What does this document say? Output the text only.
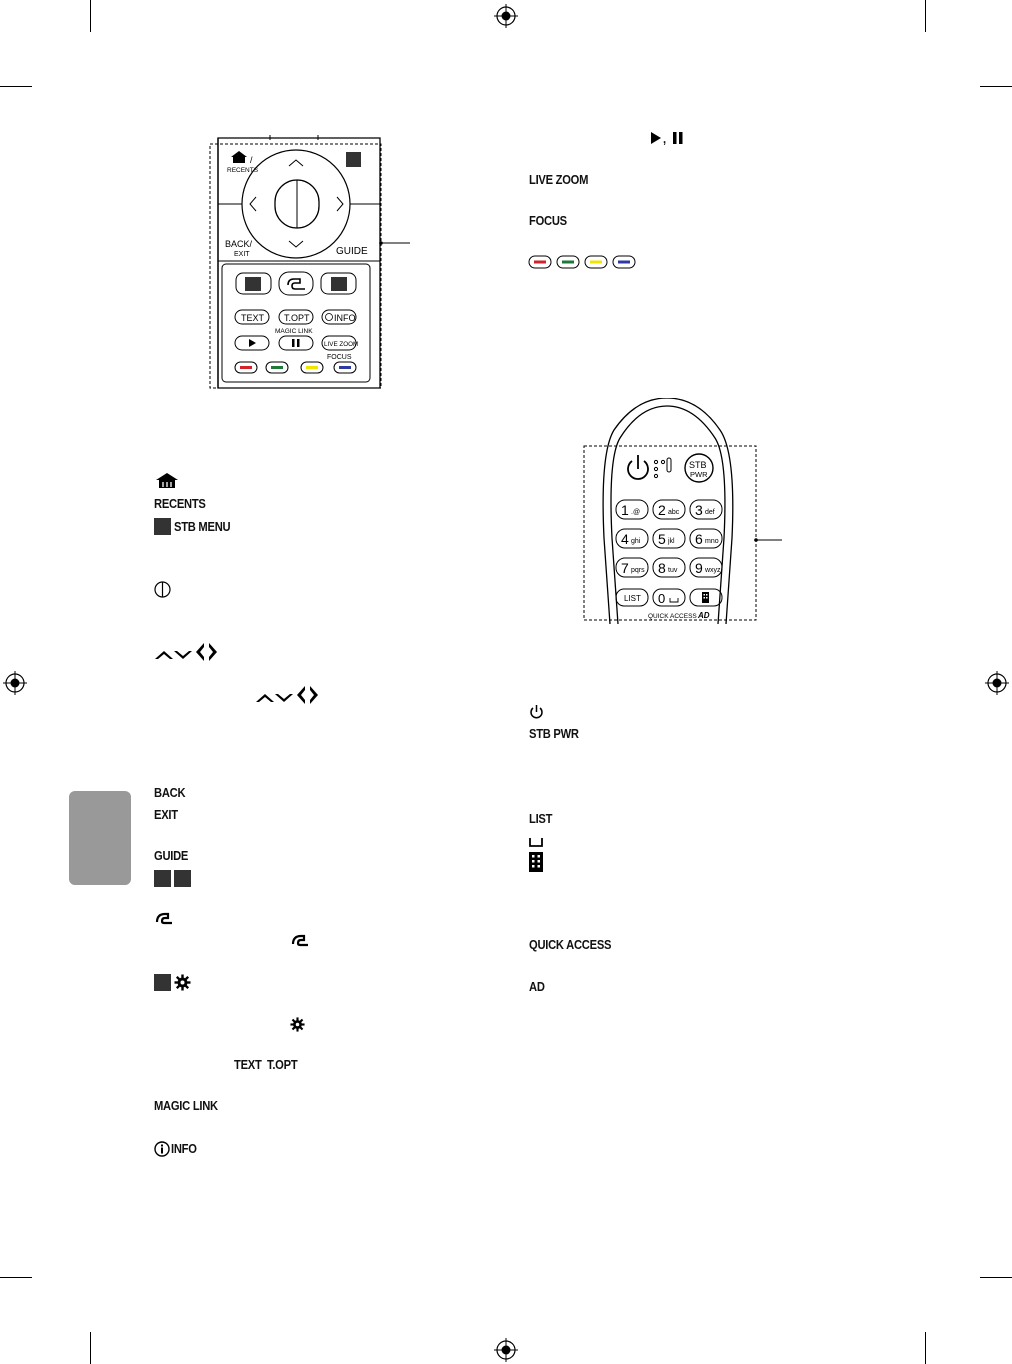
/
RECENTS
BACK/
EXIT	GUIDE
TEXT T.OPT	INFO
MAGIC LINK
LIVE ZOOM
FOCUS
STB
PWR
1 .@ 2 abc 3 def
4 ghi 5 jkl 6 mno
7 pqrs 8 tuv 9 wxyz
LIST 0
QUICK ACCESS AD
RECENTS
STB MENU
BACK
EXIT
GUIDE
TEXT T.OPT
MAGIC LINK
INFO
,
LIVE ZOOM
FOCUS
STB PWR
LIST
QUICK ACCESS
AD
